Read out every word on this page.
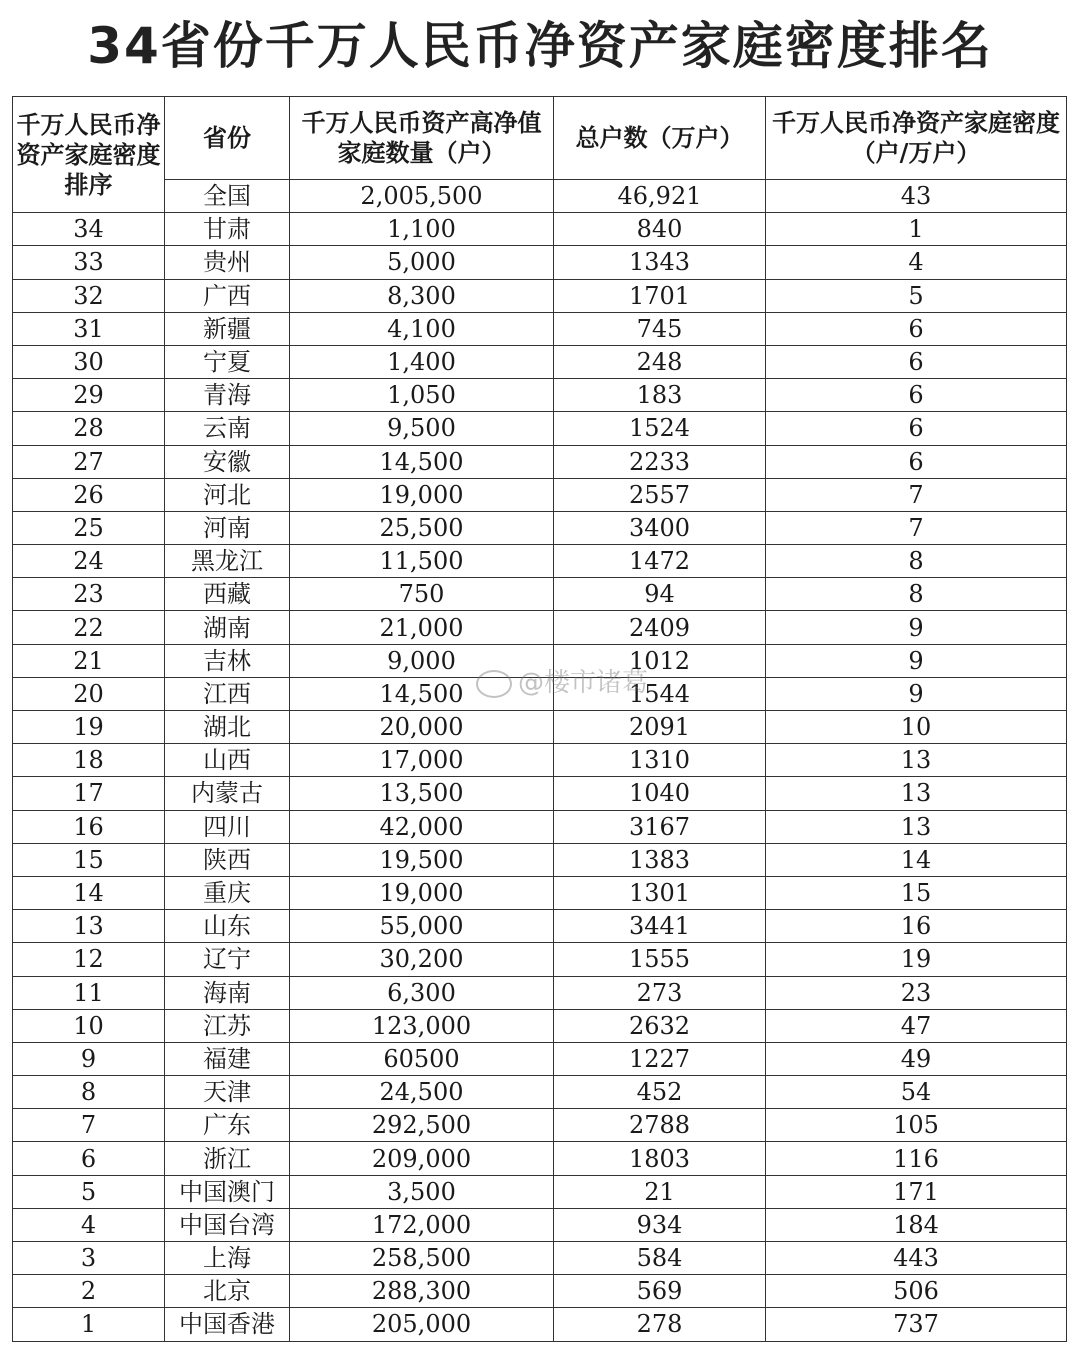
34省份千万人民币净资产家庭密度排名
千万人民币净资产家庭密度排序	省份	千万人民币资产高净值家庭数量（户）	总户数（万户）	千万人民币净资产家庭密度（户/万户）
	全国	2,005,500	46,921	43
34	甘肃	1,100	840	1
33	贵州	5,000	1343	4
32	广西	8,300	1701	5
31	新疆	4,100	745	6
30	宁夏	1,400	248	6
29	青海	1,050	183	6
28	云南	9,500	1524	6
27	安徽	14,500	2233	6
26	河北	19,000	2557	7
25	河南	25,500	3400	7
24	黑龙江	11,500	1472	8
23	西藏	750	94	8
22	湖南	21,000	2409	9
21	吉林	9,000	1012	9
20	江西	14,500	1544	9
19	湖北	20,000	2091	10
18	山西	17,000	1310	13
17	内蒙古	13,500	1040	13
16	四川	42,000	3167	13
15	陕西	19,500	1383	14
14	重庆	19,000	1301	15
13	山东	55,000	3441	16
12	辽宁	30,200	1555	19
11	海南	6,300	273	23
10	江苏	123,000	2632	47
9	福建	60500	1227	49
8	天津	24,500	452	54
7	广东	292,500	2788	105
6	浙江	209,000	1803	116
5	中国澳门	3,500	21	171
4	中国台湾	172,000	934	184
3	上海	258,500	584	443
2	北京	288,300	569	506
1	中国香港	205,000	278	737
@楼市诸葛
